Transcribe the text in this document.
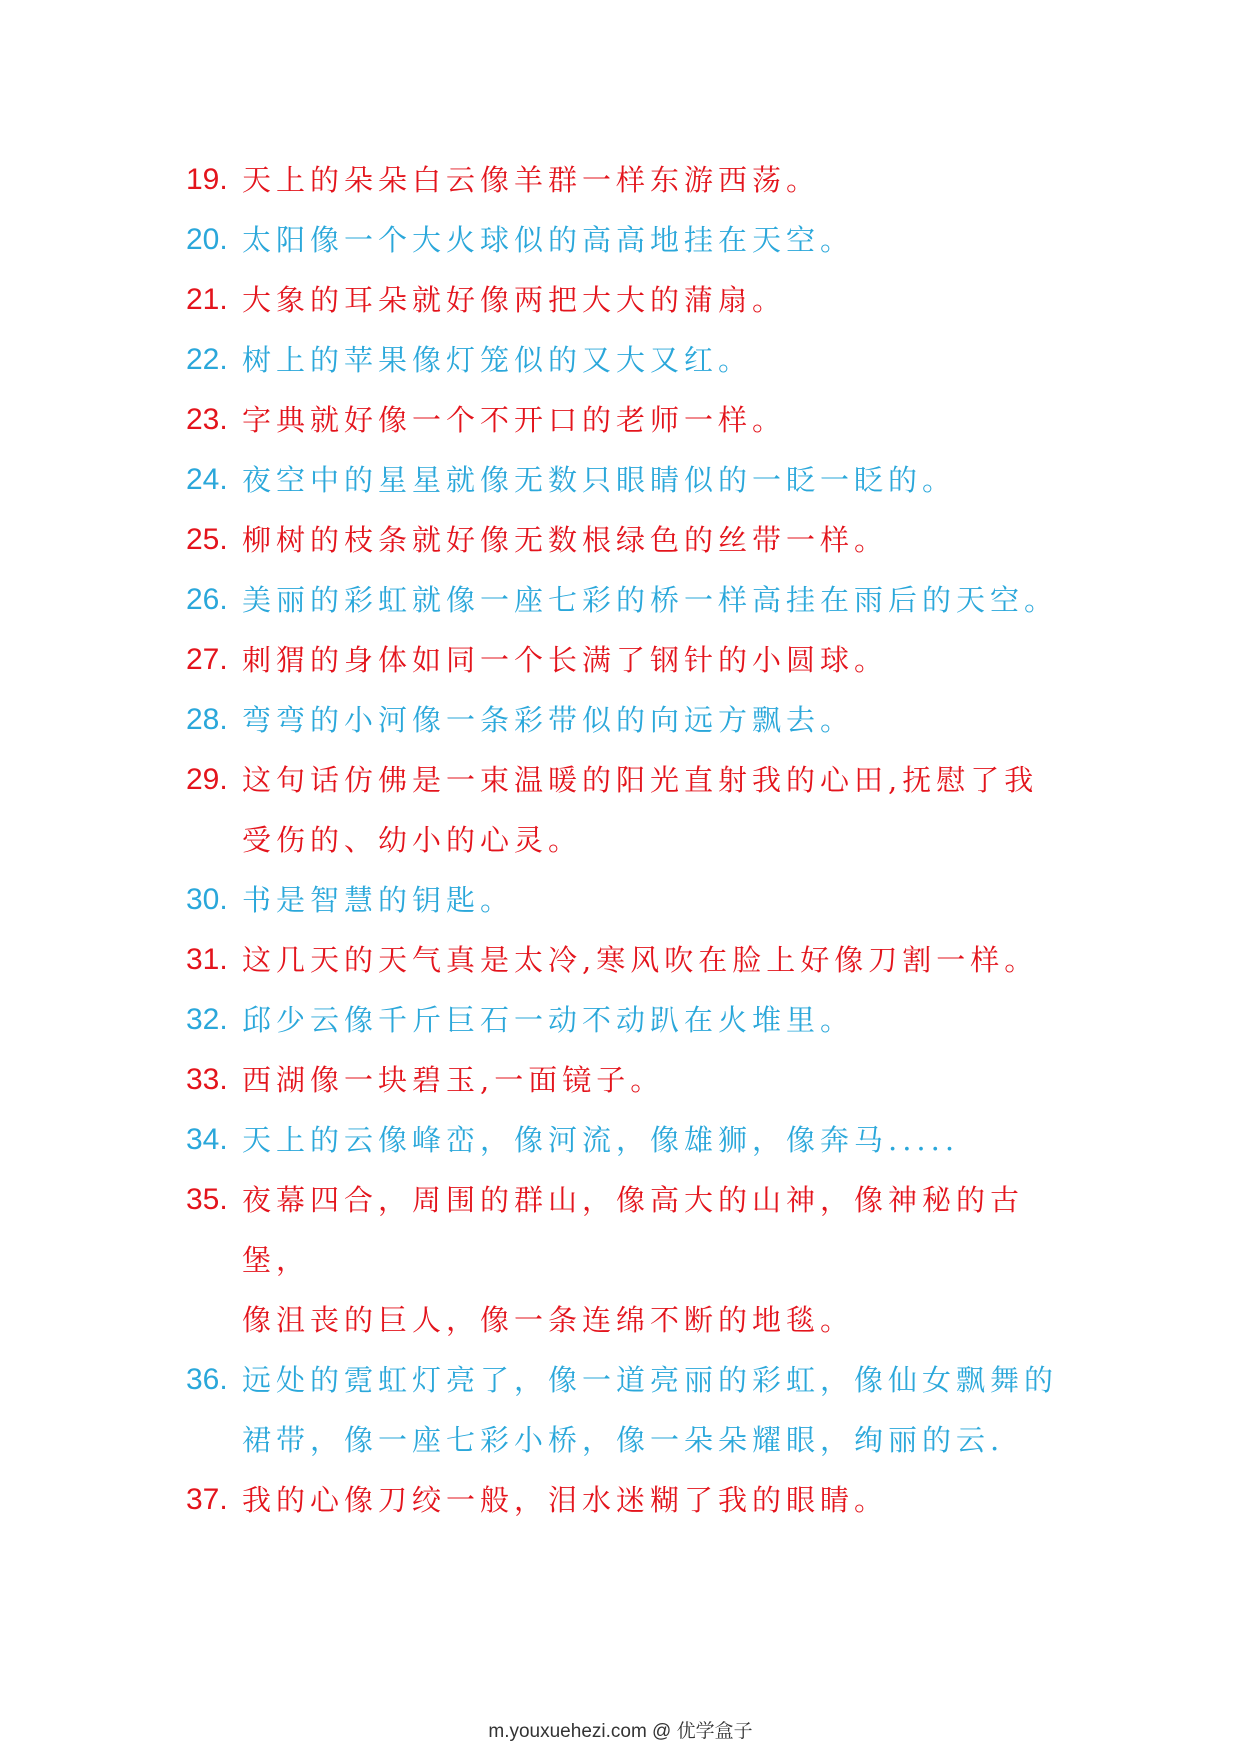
19. 天上的朵朵白云像羊群一样东游西荡。
20. 太阳像一个大火球似的高高地挂在天空。
21. 大象的耳朵就好像两把大大的蒲扇。
22. 树上的苹果像灯笼似的又大又红。
23. 字典就好像一个不开口的老师一样。
24. 夜空中的星星就像无数只眼睛似的一眨一眨的。
25. 柳树的枝条就好像无数根绿色的丝带一样。
26. 美丽的彩虹就像一座七彩的桥一样高挂在雨后的天空。
27. 刺猬的身体如同一个长满了钢针的小圆球。
28. 弯弯的小河像一条彩带似的向远方飘去。
29. 这句话仿佛是一束温暖的阳光直射我的心田,抚慰了我
受伤的、幼小的心灵。
30. 书是智慧的钥匙。
31. 这几天的天气真是太冷,寒风吹在脸上好像刀割一样。
32. 邱少云像千斤巨石一动不动趴在火堆里。
33. 西湖像一块碧玉,一面镜子。
34. 天上的云像峰峦，像河流，像雄狮，像奔马.....
35. 夜幕四合，周围的群山，像高大的山神，像神秘的古堡，
像沮丧的巨人，像一条连绵不断的地毯。
36. 远处的霓虹灯亮了，像一道亮丽的彩虹，像仙女飘舞的
裙带，像一座七彩小桥，像一朵朵耀眼，绚丽的云.
37. 我的心像刀绞一般，泪水迷糊了我的眼睛。
m.youxuehezi.com @ 优学盒子
